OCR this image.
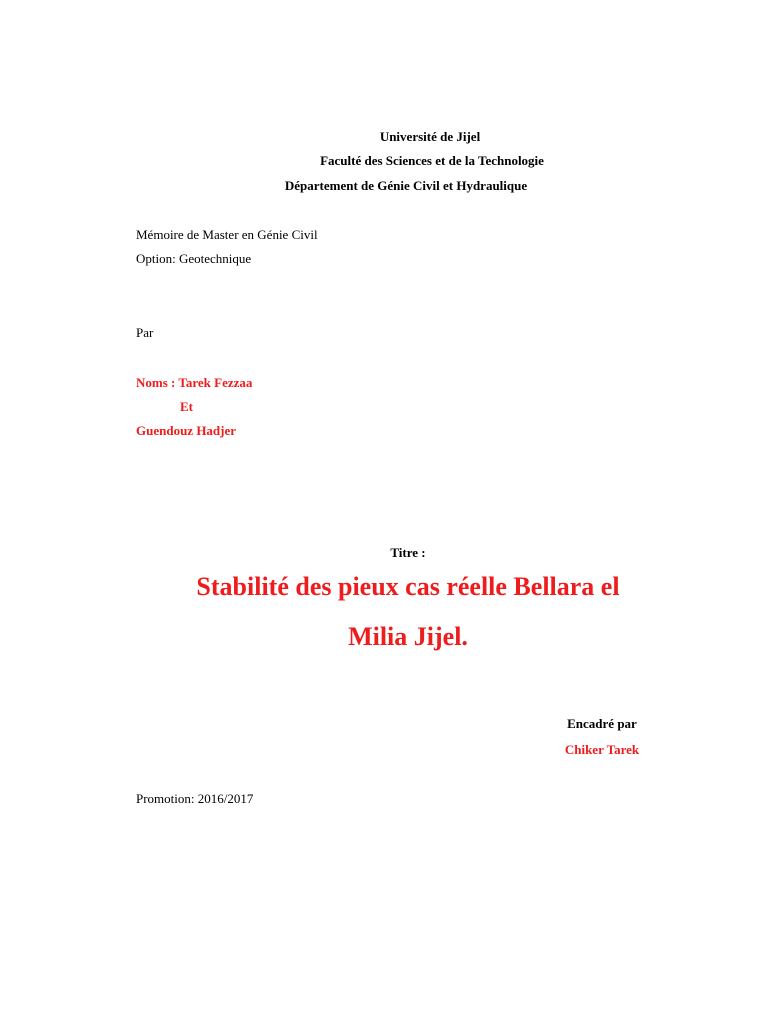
Université de Jijel
Faculté des Sciences et de la Technologie
Département de Génie Civil et Hydraulique
Mémoire de Master en Génie Civil
Option: Geotechnique
Par
Noms : Tarek Fezzaa
Et
Guendouz Hadjer
Titre :
Stabilité des pieux cas réelle Bellara el
Milia Jijel.
Encadré par
Chiker Tarek
Promotion: 2016/2017
